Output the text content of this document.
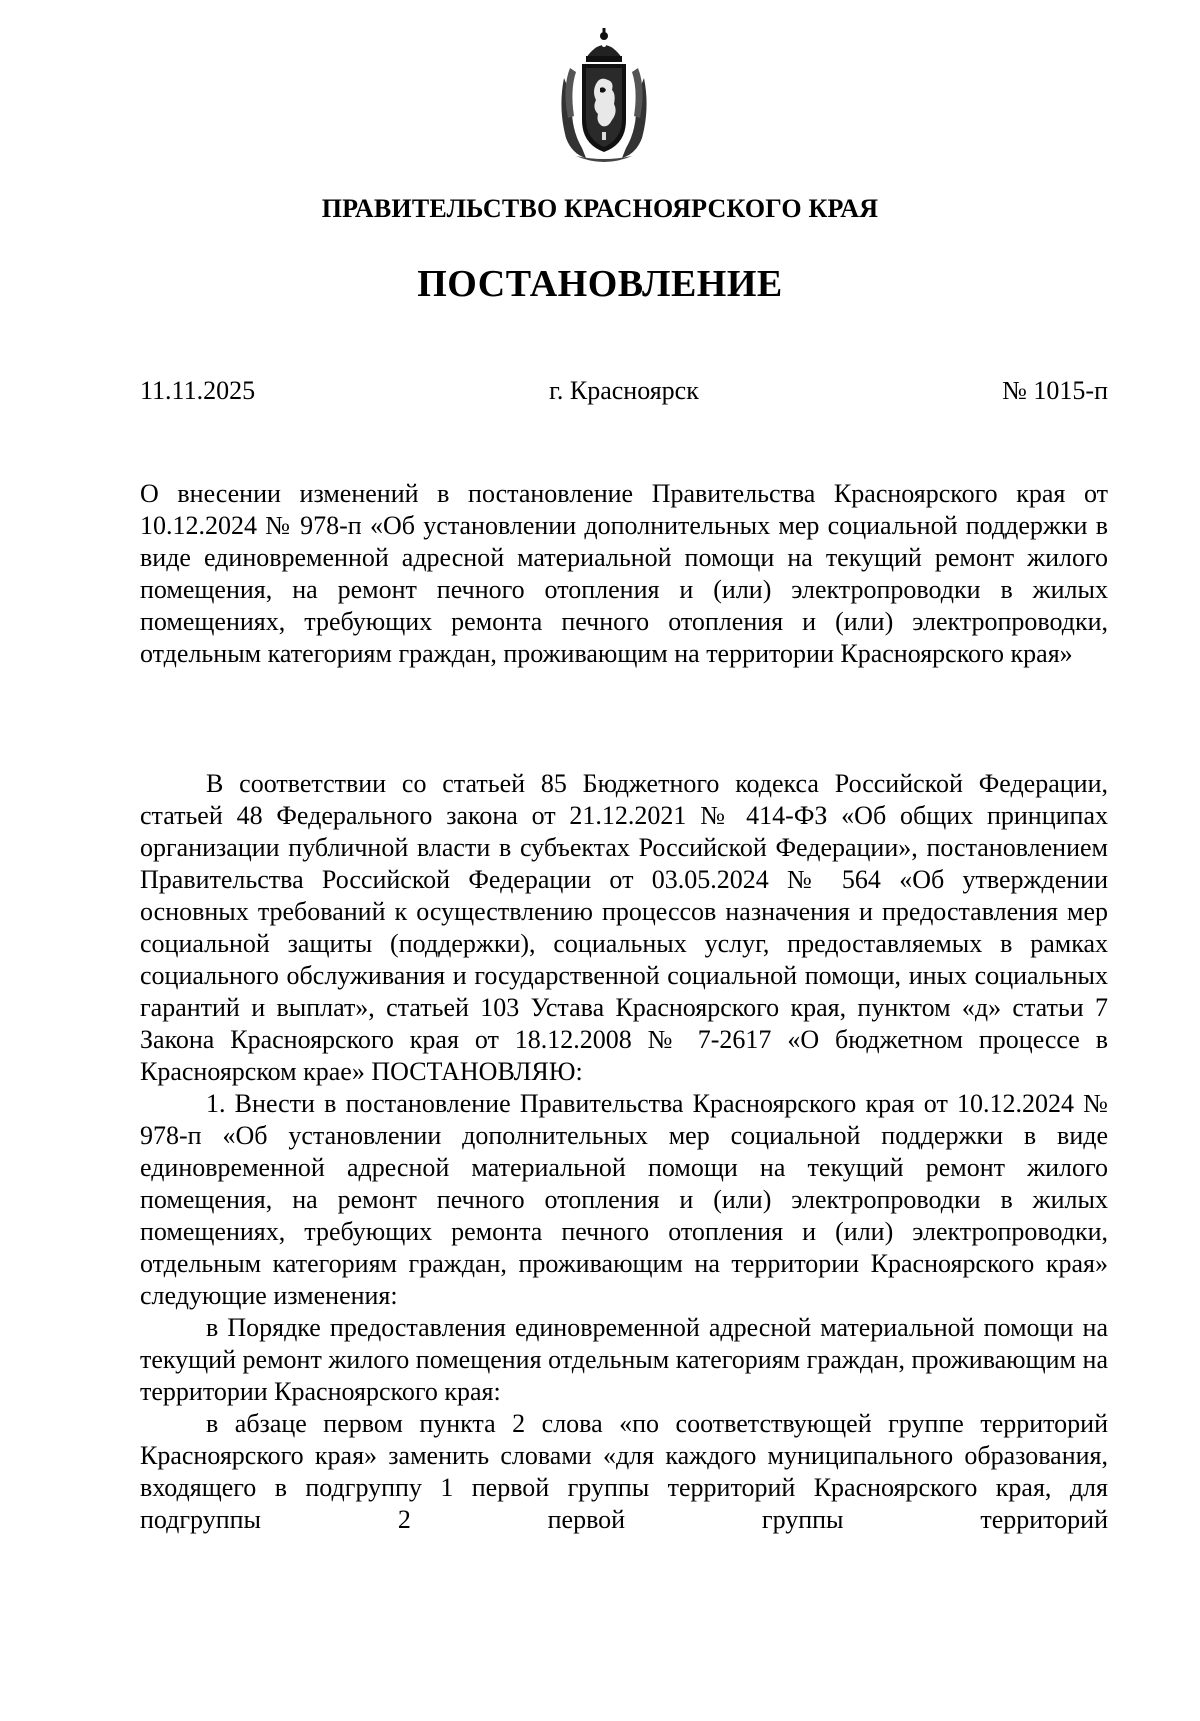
ПРАВИТЕЛЬСТВО КРАСНОЯРСКОГО КРАЯ
ПОСТАНОВЛЕНИЕ
11.11.2025	г. Красноярск	№ 1015-п
О внесении изменений в постановление Правительства Красноярского края от 10.12.2024 № 978-п «Об установлении дополнительных мер социальной поддержки в виде единовременной адресной материальной помощи на текущий ремонт жилого помещения, на ремонт печного отопления и (или) электропроводки в жилых помещениях, требующих ремонта печного отопления и (или) электропроводки, отдельным категориям граждан, проживающим на территории Красноярского края»

В соответствии со статьей 85 Бюджетного кодекса Российской Федерации, статьей 48 Федерального закона от 21.12.2021 № 414-ФЗ «Об общих принципах организации публичной власти в субъектах Российской Федерации», постановлением Правительства Российской Федерации от 03.05.2024 № 564 «Об утверждении основных требований к осуществлению процессов назначения и предоставления мер социальной защиты (поддержки), социальных услуг, предоставляемых в рамках социального обслуживания и государственной социальной помощи, иных социальных гарантий и выплат», статьей 103 Устава Красноярского края, пунктом «д» статьи 7 Закона Красноярского края от 18.12.2008 № 7-2617 «О бюджетном процессе в Красноярском крае» ПОСТАНОВЛЯЮ:

1. Внести в постановление Правительства Красноярского края от 10.12.2024 № 978-п «Об установлении дополнительных мер социальной поддержки в виде единовременной адресной материальной помощи на текущий ремонт жилого помещения, на ремонт печного отопления и (или) электропроводки в жилых помещениях, требующих ремонта печного отопления и (или) электропроводки, отдельным категориям граждан, проживающим на территории Красноярского края» следующие изменения:

в Порядке предоставления единовременной адресной материальной помощи на текущий ремонт жилого помещения отдельным категориям граждан, проживающим на территории Красноярского края:

в абзаце первом пункта 2 слова «по соответствующей группе территорий Красноярского края» заменить словами «для каждого муниципального образования, входящего в подгруппу 1 первой группы территорий Красноярского края, для подгруппы 2 первой группы территорий
